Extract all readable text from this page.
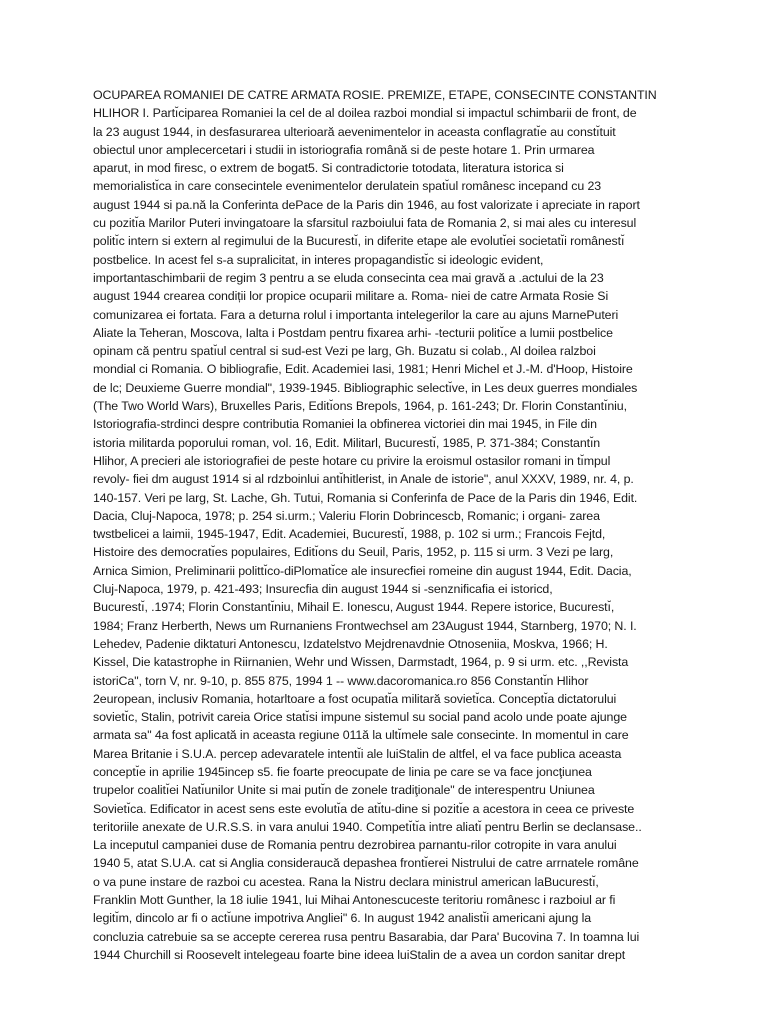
OCUPAREA ROMANIEI DE CATRE ARMATA ROSIE. PREMIZE, ETAPE, CONSECINTE CONSTANTIN
HLIHOR I. Partı̆ciparea Romaniei la cel de al doilea razboi mondial si impactul schimbarii de front, de
la 23 august 1944, in desfasurarea ulterioară aevenimentelor in aceasta conflagratı̆e au constı̆tuit
obiectul unor amplecercetari i studii in istoriografia română si de peste hotare 1. Prin urmarea
aparut, in mod firesc, o extrem de bogat5. Si contradictorie totodata, literatura istorica si
memorialistı̆ca in care consecintele evenimentelor derulatein spatı̆ul românesc incepand cu 23
august 1944 si pa.nă la Conferinta dePace de la Paris din 1946, au fost valorizate i apreciate in raport
cu pozitı̆a Marilor Puteri invingatoare la sfarsitul razboiului fata de Romania 2, si mai ales cu interesul
politı̆c intern si extern al regimului de la Bucurestı̆, in diferite etape ale evolutı̆ei societatı̆i românestı̆
postbelice. In acest fel s-a supralicitat, in interes propagandistı̆c si ideologic evident,
importantaschimbarii de regim 3 pentru a se eluda consecinta cea mai gravă a .actului de la 23
august 1944 crearea condiții lor propice ocuparii militare a. Roma- niei de catre Armata Rosie Si
comunizarea ei fortata. Fara a deturna rolul i importanta intelegerilor la care au ajuns MarnePuteri
Aliate la Teheran, Moscova, Ialta i Postdam pentru fixarea arhi- -tecturii politı̆ce a lumii postbelice
opinam că pentru spatı̆ul central si sud-est Vezi pe larg, Gh. Buzatu si colab., Al doilea ralzboi
mondial ci Romania. O bibliografie, Edit. Academiei Iasi, 1981; Henri Michel et J.-M. d'Hoop, Histoire
de lc; Deuxieme Guerre mondial", 1939-1945. Bibliographic selectı̆ve, in Les deux guerres mondiales
(The Two World Wars), Bruxelles Paris, Editı̆ons Brepols, 1964, p. 161-243; Dr. Florin Constantı̆niu,
Istoriografia-strdinci despre contributia Romaniei la obfinerea victoriei din mai 1945, in File din
istoria militarda poporului roman, vol. 16, Edit. Militarl, Bucurestı̆, 1985, P. 371-384; Constantı̆n
Hlihor, A precieri ale istoriografiei de peste hotare cu privire la eroismul ostasilor romani in tı̆mpul
revoly- fiei dm august 1914 si al rdzboinlui antı̆hitlerist, in Anale de istorie", anul XXXV, 1989, nr. 4, p.
140-157. Veri pe larg, St. Lache, Gh. Tutui, Romania si Conferinfa de Pace de la Paris din 1946, Edit.
Dacia, Cluj-Napoca, 1978; p. 254 si.urm.; Valeriu Florin Dobrincescb, Romanic; i organi- zarea
twstbelicei a laimii, 1945-1947, Edit. Academiei, Bucurestı̆, 1988, p. 102 si urm.; Francois Fejtd,
Histoire des democratı̆es populaires, Editı̆ons du Seuil, Paris, 1952, p. 115 si urm. 3 Vezi pe larg,
Arnica Simion, Preliminarii polittı̆co-diPlomatı̆ce ale insurecfiei romeine din august 1944, Edit. Dacia,
Cluj-Napoca, 1979, p. 421-493; Insurecfia din august 1944 si -senznificafia ei istoricd,
Bucurestı̆, .1974; Florin Constantı̆niu, Mihail E. Ionescu, August 1944. Repere istorice, Bucurestı̆,
1984; Franz Herberth, News um Rurnaniens Frontwechsel am 23August 1944, Starnberg, 1970; N. I.
Lehedev, Padenie diktaturi Antonescu, Izdatelstvo Mejdrenavdnie Otnoseniia, Moskva, 1966; H.
Kissel, Die katastrophe in Riirnanien, Wehr und Wissen, Darmstadt, 1964, p. 9 si urm. etc. ,,Revista
istoriCa", torn V, nr. 9-10, p. 855 875, 1994 1 -- www.dacoromanica.ro 856 Constantı̆n Hlihor
2european, inclusiv Romania, hotarltoare a fost ocupatı̆a militară sovietı̆ca. Conceptı̆a dictatorului
sovietı̆c, Stalin, potrivit careia Orice statı̆si impune sistemul su social pand acolo unde poate ajunge
armata sa" 4a fost aplicată in aceasta regiune 011ă la ultı̆mele sale consecinte. In momentul in care
Marea Britanie i S.U.A. percep adevaratele intentı̆i ale luiStalin de altfel, el va face publica aceasta
conceptı̆e in aprilie 1945incep s5. fie foarte preocupate de linia pe care se va face joncţiunea
trupelor coalitı̆ei Natı̆unilor Unite si mai putı̆n de zonele tradiţionale" de interespentru Uniunea
Sovietı̆ca. Edificator in acest sens este evolutı̆a de atı̆tu-dine si pozitı̆e a acestora in ceea ce priveste
teritoriile anexate de U.R.S.S. in vara anului 1940. Competı̆tı̆a intre aliatı̆ pentru Berlin se declansase..
La inceputul campaniei duse de Romania pentru dezrobirea parnantu-rilor cotropite in vara anului
1940 5, atat S.U.A. cat si Anglia consideraucă depashea frontı̆erei Nistrului de catre arrnatele române
o va pune instare de razboi cu acestea. Rana la Nistru declara ministrul american laBucurestı̆,
Franklin Mott Gunther, la 18 iulie 1941, lui Mihai Antonescuceste teritoriu românesc i razboiul ar fi
legitı̆m, dincolo ar fi o actı̆une impotriva Angliei" 6. In august 1942 analistı̆i americani ajung la
concluzia catrebuie sa se accepte cererea rusa pentru Basarabia, dar Para' Bucovina 7. In toamna lui
1944 Churchill si Roosevelt intelegeau foarte bine ideea luiStalin de a avea un cordon sanitar drept
